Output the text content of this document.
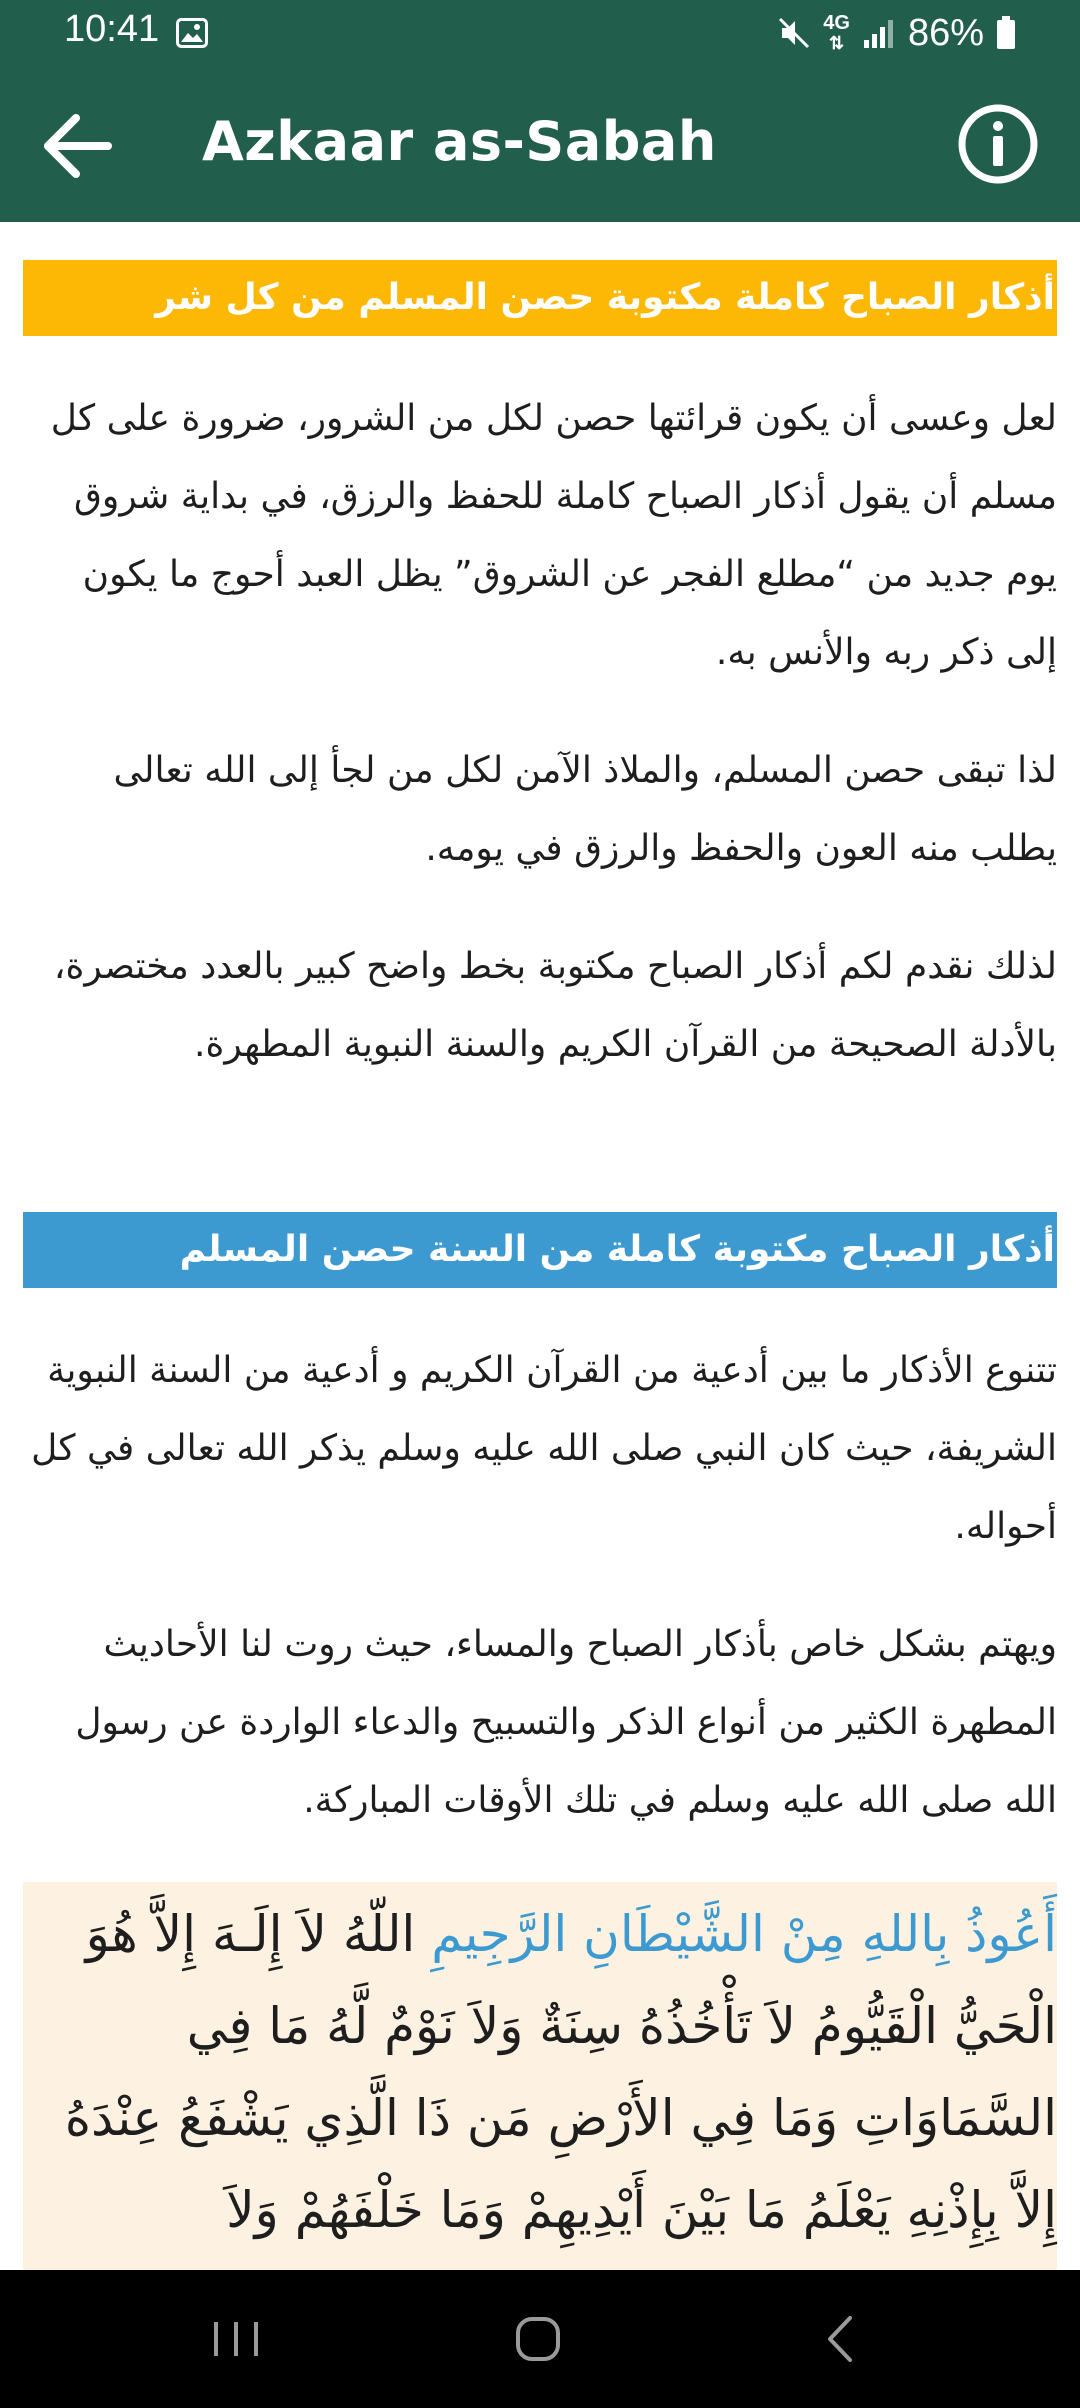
10:41	4G
⇅ 86%
Azkaar as-Sabah
أذكار الصباح كاملة مكتوبة حصن المسلم من كل شر
لعل وعسى أن يكون قرائتها حصن لكل من الشرور، ضرورة على كل مسلم أن يقول أذكار الصباح كاملة للحفظ والرزق، في بداية شروق يوم جديد من “مطلع الفجر عن الشروق” يظل العبد أحوج ما يكون إلى ذكر ربه والأنس به.
لذا تبقى حصن المسلم، والملاذ الآمن لكل من لجأ إلى الله تعالى يطلب منه العون والحفظ والرزق في يومه.
لذلك نقدم لكم أذكار الصباح مكتوبة بخط واضح كبير بالعدد مختصرة، بالأدلة الصحيحة من القرآن الكريم والسنة النبوية المطهرة.
أذكار الصباح مكتوبة كاملة من السنة حصن المسلم
تتنوع الأذكار ما بين أدعية من القرآن الكريم و أدعية من السنة النبوية الشريفة، حيث كان النبي صلى الله عليه وسلم يذكر الله تعالى في كل أحواله.
ويهتم بشكل خاص بأذكار الصباح والمساء، حيث روت لنا الأحاديث المطهرة الكثير من أنواع الذكر والتسبيح والدعاء الواردة عن رسول الله صلى الله عليه وسلم في تلك الأوقات المباركة.
أَعُوذُ بِاللهِ مِنْ الشَّيْطَانِ الرَّجِيمِ اللّهُ لاَ إِلَـهَ إِلاَّ هُوَ الْحَيُّ الْقَيُّومُ لاَ تَأْخُذُهُ سِنَةٌ وَلاَ نَوْمٌ لَّهُ مَا فِي السَّمَاوَاتِ وَمَا فِي الأَرْضِ مَن ذَا الَّذِي يَشْفَعُ عِنْدَهُ إِلاَّ بِإِذْنِهِ يَعْلَمُ مَا بَيْنَ أَيْدِيهِمْ وَمَا خَلْفَهُمْ وَلاَ
